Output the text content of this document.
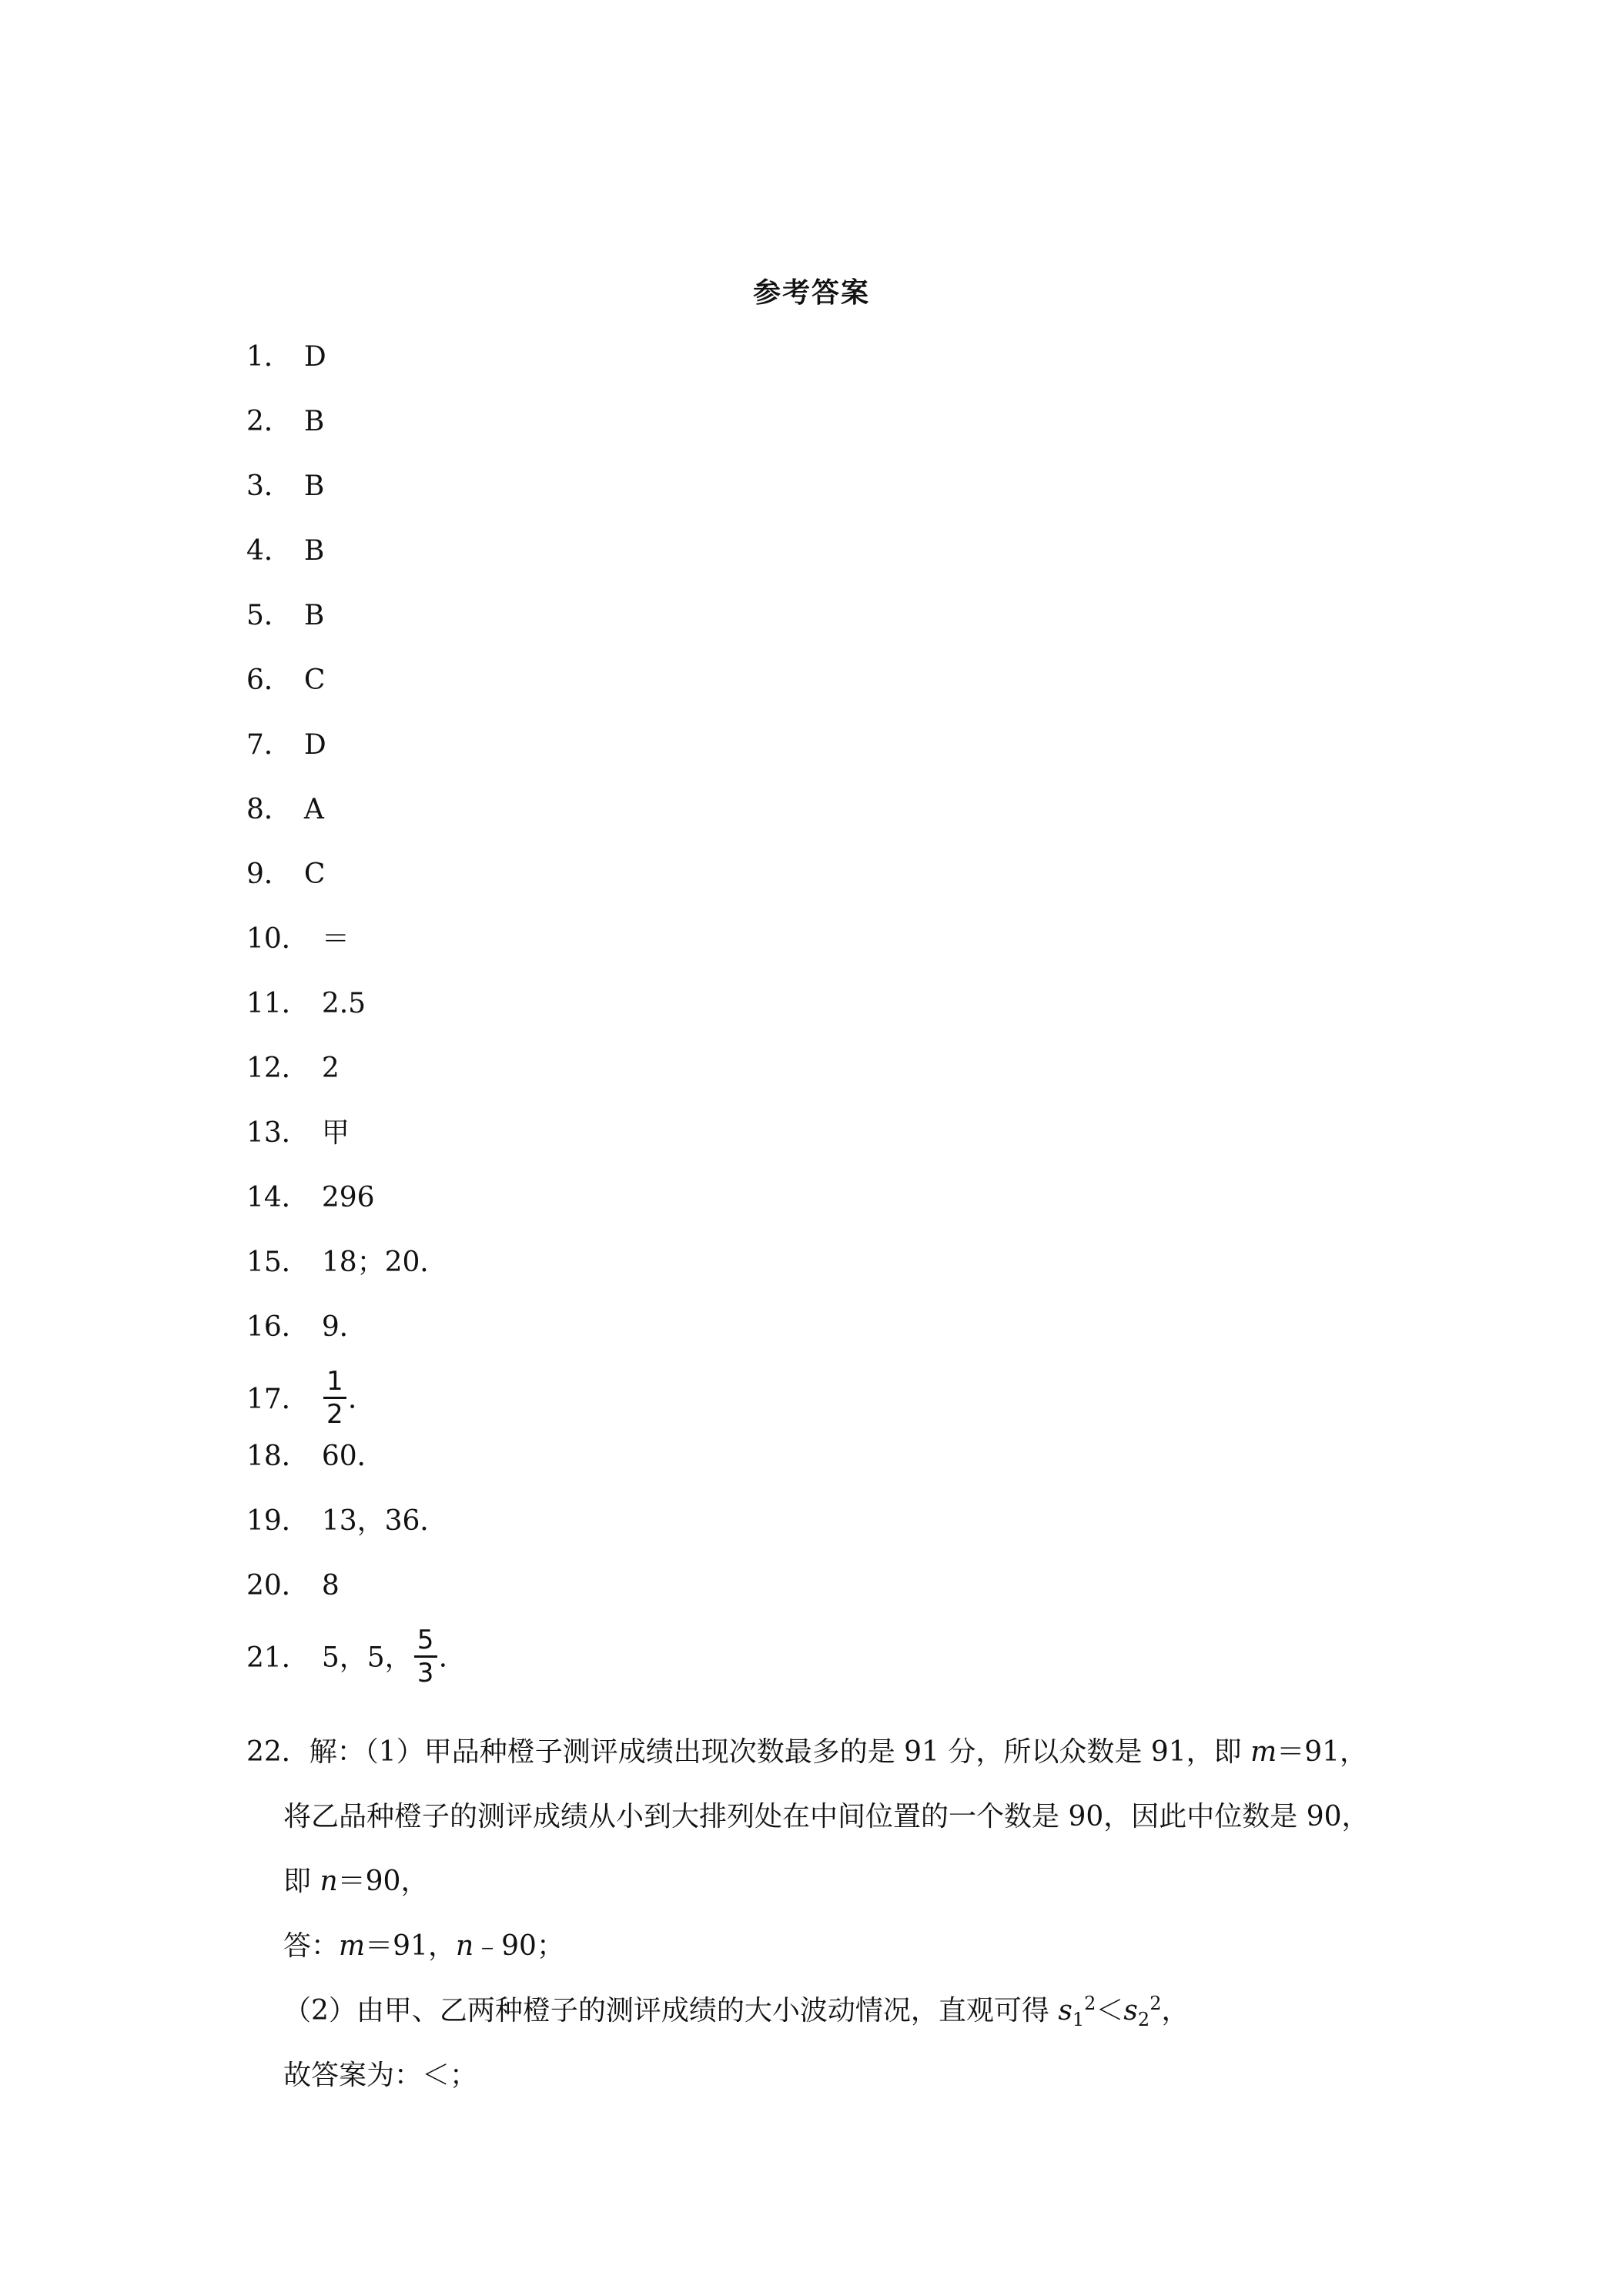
参考答案
1． D
2． B
3． B
4． B
5． B
6． C
7． D
8． A
9． C
10． ＝
11． 2.5
12． 2
13． 甲
14． 296
15． 18；20．
16． 9．
17． $\frac{1}{2}$ .
18． 60．
19． 13，36．
20． 8
21． 5，5， $\frac{5}{3}$ .
22．解：（1）甲品种橙子测评成绩出现次数最多的是 91 分，所以众数是 91，即 m＝91，
将乙品种橙子的测评成绩从小到大排列处在中间位置的一个数是 90，因此中位数是 90，
即 n＝90，
答：m＝91，n﹣90；
（2）由甲、乙两种橙子的测评成绩的大小波动情况，直观可得 $s_1^2<s_2^2$，
故答案为：＜；
